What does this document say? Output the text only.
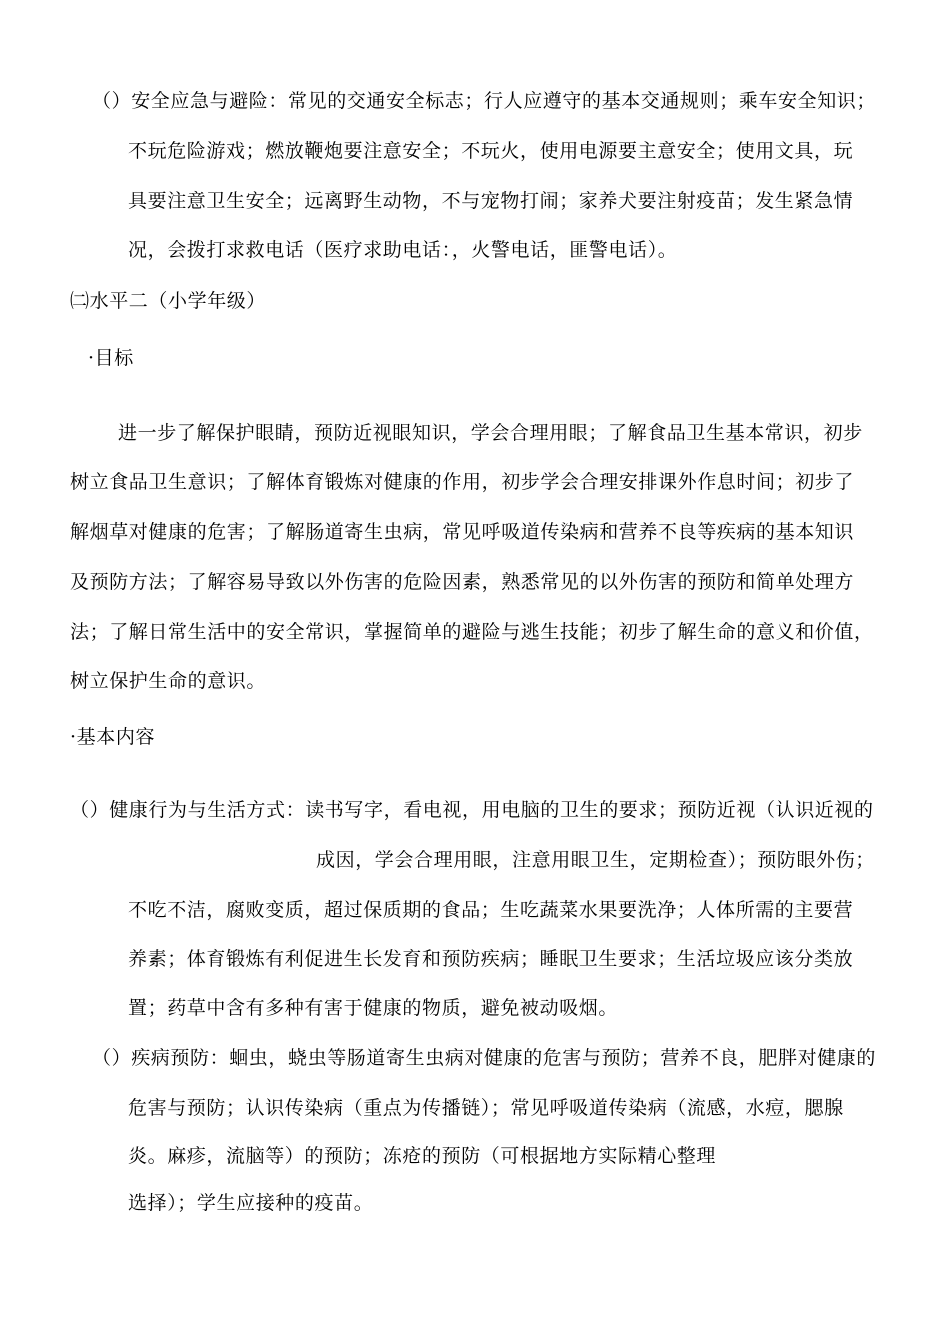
（）安全应急与避险：常见的交通安全标志；行人应遵守的基本交通规则；乘车安全知识；
不玩危险游戏；燃放鞭炮要注意安全；不玩火，使用电源要主意安全；使用文具，玩
具要注意卫生安全；远离野生动物，不与宠物打闹；家养犬要注射疫苗；发生紧急情
况，会拨打求救电话（医疗求助电话：，火警电话，匪警电话）。
㈡水平二（小学年级）
·目标
进一步了解保护眼睛，预防近视眼知识，学会合理用眼；了解食品卫生基本常识，初步
树立食品卫生意识；了解体育锻炼对健康的作用，初步学会合理安排课外作息时间；初步了
解烟草对健康的危害；了解肠道寄生虫病，常见呼吸道传染病和营养不良等疾病的基本知识
及预防方法；了解容易导致以外伤害的危险因素，熟悉常见的以外伤害的预防和简单处理方
法；了解日常生活中的安全常识，掌握简单的避险与逃生技能；初步了解生命的意义和价值，
树立保护生命的意识。
·基本内容
（）健康行为与生活方式：读书写字，看电视，用电脑的卫生的要求；预防近视（认识近视的
成因，学会合理用眼，注意用眼卫生，定期检查）；预防眼外伤；
不吃不洁，腐败变质，超过保质期的食品；生吃蔬菜水果要洗净；人体所需的主要营
养素；体育锻炼有利促进生长发育和预防疾病；睡眠卫生要求；生活垃圾应该分类放
置；药草中含有多种有害于健康的物质，避免被动吸烟。
（）疾病预防：蛔虫，蛲虫等肠道寄生虫病对健康的危害与预防；营养不良，肥胖对健康的
危害与预防；认识传染病（重点为传播链）；常见呼吸道传染病（流感，水痘，腮腺
炎。麻疹，流脑等）的预防；冻疮的预防（可根据地方实际精心整理
选择）；学生应接种的疫苗。
